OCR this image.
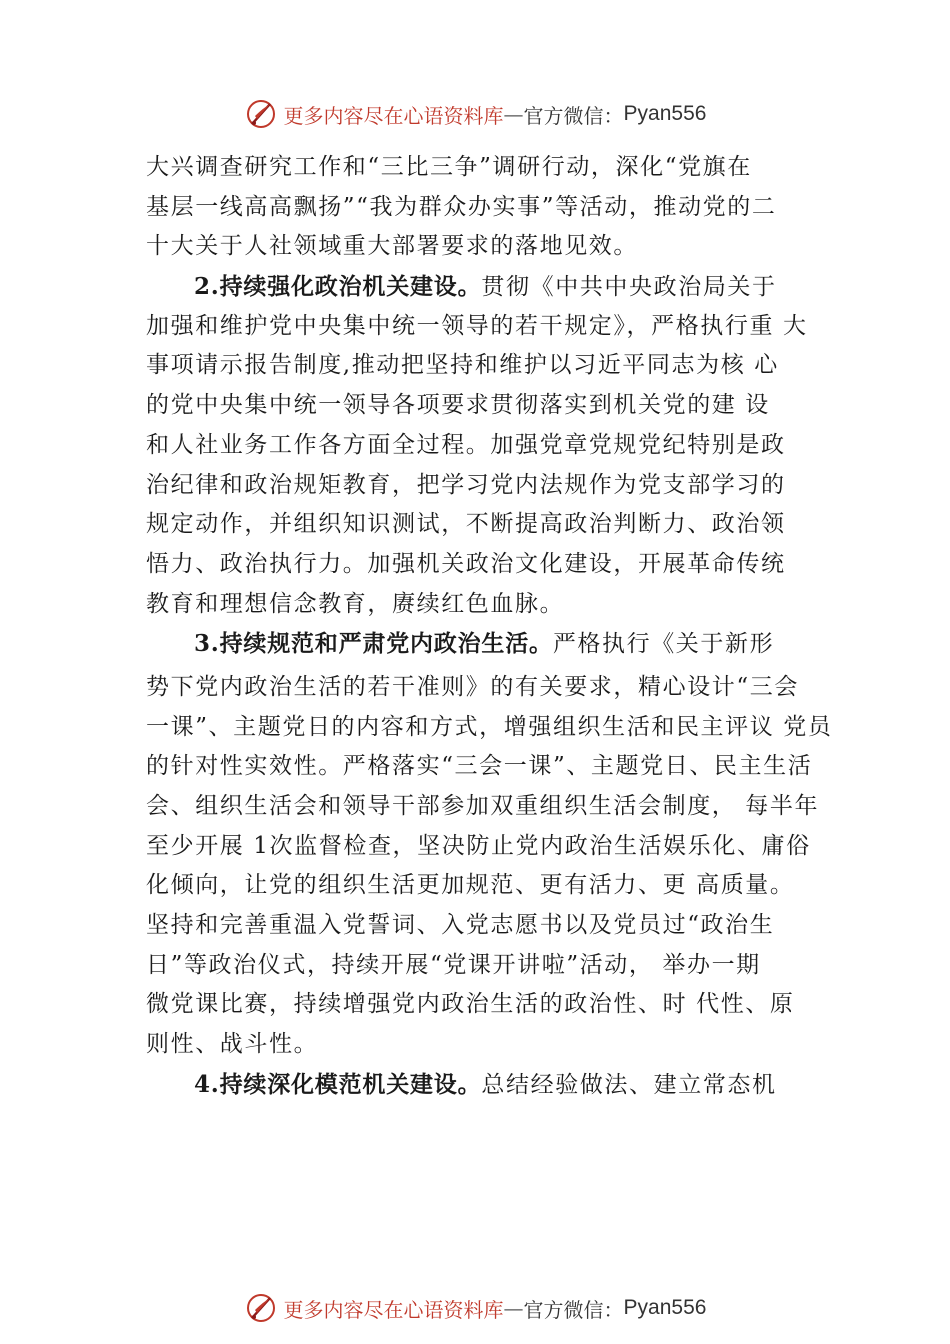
更多内容尽在心语资料库 — 官方微信： Pyan556
大兴调查研究工作和“三比三争”调研行动，深化“党旗在
基层一线高高飘扬”“我为群众办实事”等活动，推动党的二
十大关于人社领域重大部署要求的落地见效。
2.持续强化政治机关建设。贯彻《中共中央政治局关于
加强和维护党中央集中统一领导的若干规定》，严格执行重 大
事项请示报告制度,推动把坚持和维护以习近平同志为核 心
的党中央集中统一领导各项要求贯彻落实到机关党的建 设
和人社业务工作各方面全过程。加强党章党规党纪特别是政
治纪律和政治规矩教育，把学习党内法规作为党支部学习的
规定动作，并组织知识测试，不断提高政治判断力、政治领
悟力、政治执行力。加强机关政治文化建设，开展革命传统
教育和理想信念教育，赓续红色血脉。
3.持续规范和严肃党内政治生活。严格执行《关于新形
势下党内政治生活的若干准则》的有关要求，精心设计“三会
一课”、主题党日的内容和方式，增强组织生活和民主评议 党员
的针对性实效性。严格落实“三会一课”、主题党日、民主生活
会、组织生活会和领导干部参加双重组织生活会制度， 每半年
至少开展 1次监督检查，坚决防止党内政治生活娱乐化、庸俗
化倾向，让党的组织生活更加规范、更有活力、更 高质量。
坚持和完善重温入党誓词、入党志愿书以及党员过“政治生
日”等政治仪式，持续开展“党课开讲啦”活动， 举办一期
微党课比赛，持续增强党内政治生活的政治性、时 代性、原
则性、战斗性。
4.持续深化模范机关建设。总结经验做法、建立常态机
更多内容尽在心语资料库 — 官方微信： Pyan556
